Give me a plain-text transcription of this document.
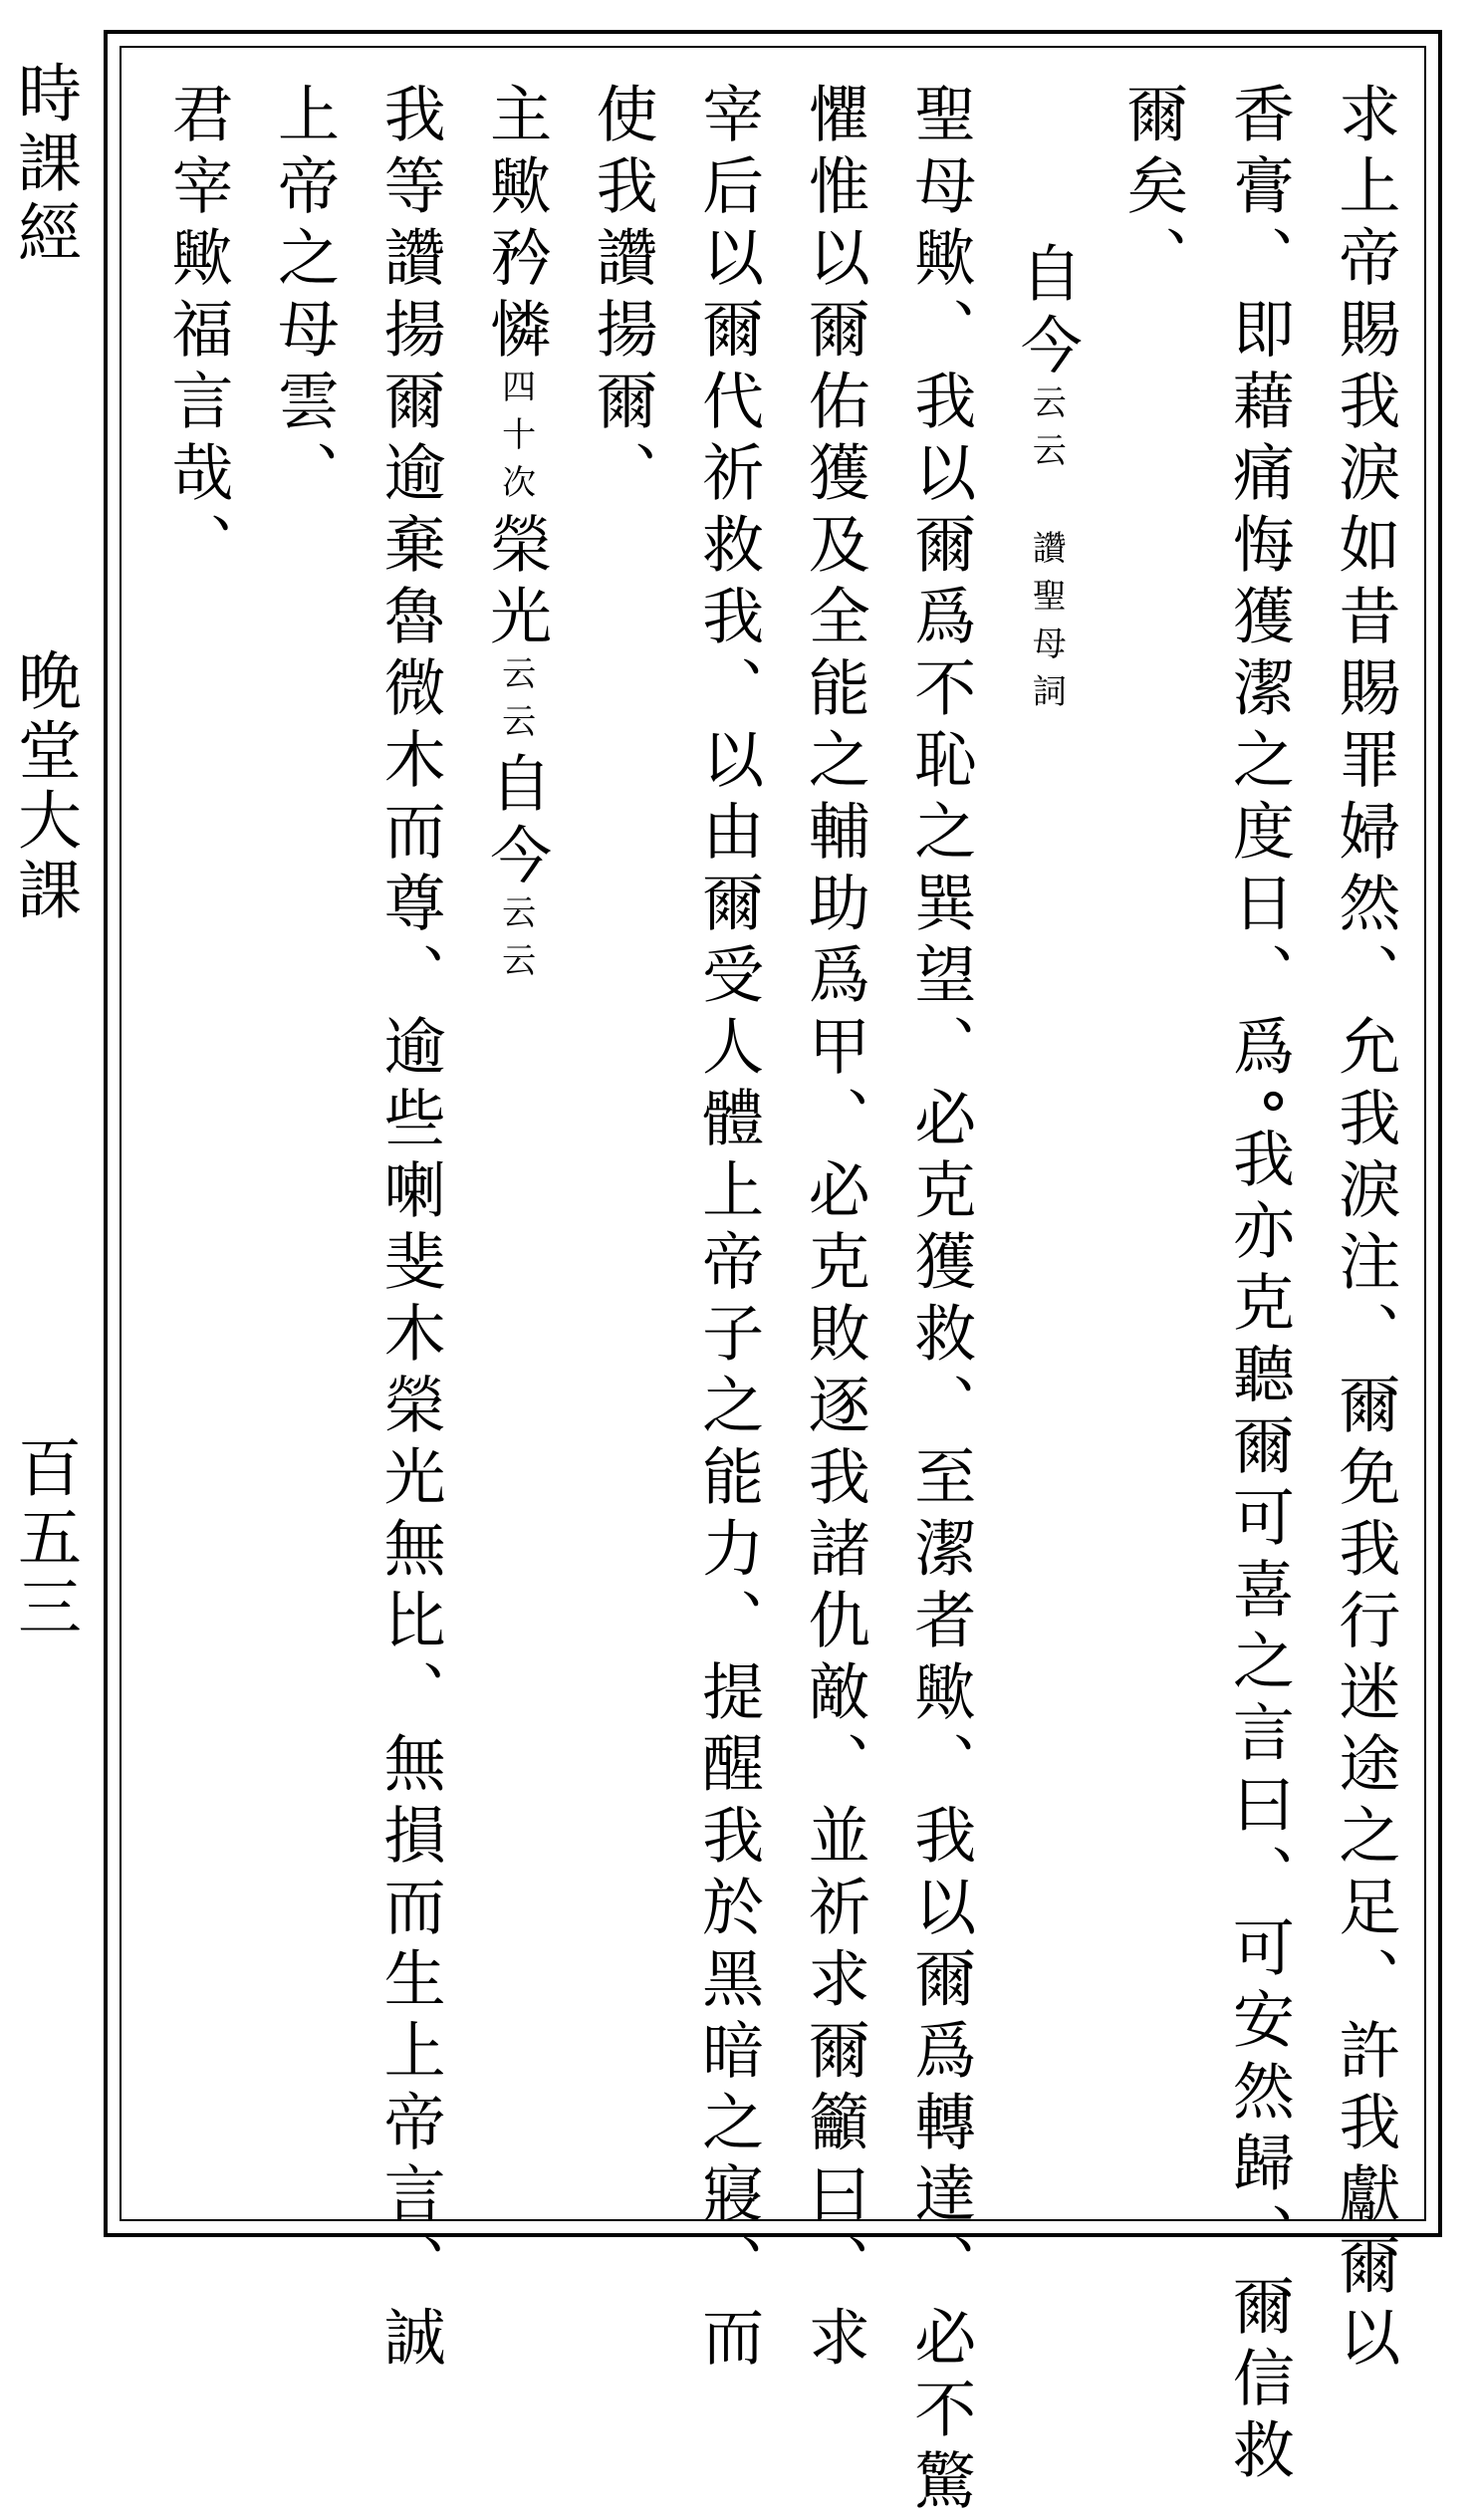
時課經
晚堂大課
百五三	求上帝賜我淚如昔賜罪婦然、允我淚注、爾免我行迷途之足、許我獻爾以
香膏、即藉痛悔獲潔之度日、爲°我亦克聽爾可喜之言曰、可安然歸、爾信救
爾矣、
自今云云讚聖母詞
聖母歟、我以爾爲不恥之巽望、必克獲救、至潔者歟、我以爾爲轉達、必不驚
懼惟以爾佑獲及全能之輔助爲甲、必克敗逐我諸仇敵、並祈求爾籲曰、求
宰后以爾代祈救我、以由爾受人體上帝子之能力、提醒我於黑暗之寢、而
使我讚揚爾、
主歟矜憐四十次榮光云云自今云云
我等讚揚爾逾棄魯微木而尊、逾些喇斐木榮光無比、無損而生上帝言、誠
上帝之母雲、
君宰歟福言哉、
